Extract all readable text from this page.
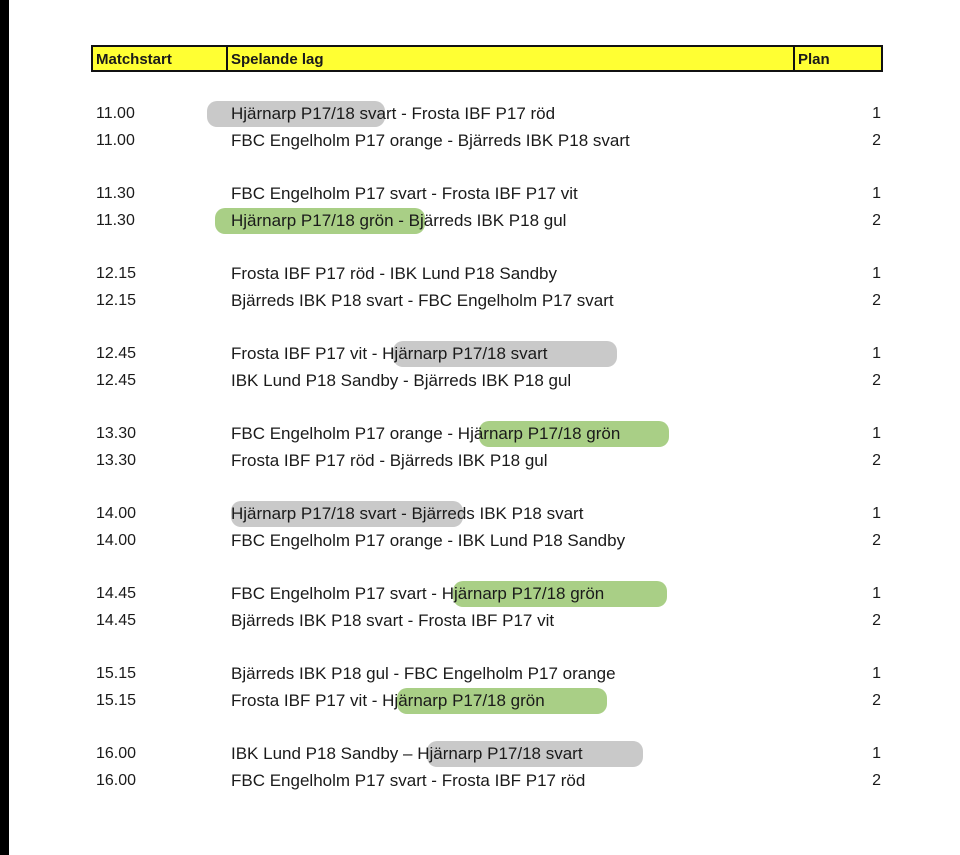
Matchstart	Spelande lag	Plan
11.00	Hjärnarp P17/18 svart - Frosta IBF P17 röd	1
11.00	FBC Engelholm P17 orange - Bjärreds IBK P18 svart	2
11.30	FBC Engelholm P17 svart - Frosta IBF P17 vit	1
11.30	Hjärnarp P17/18 grön - Bjärreds IBK P18 gul	2
12.15	Frosta IBF P17 röd - IBK Lund P18 Sandby	1
12.15	Bjärreds IBK P18 svart - FBC Engelholm P17 svart	2
12.45	Frosta IBF P17 vit - Hjärnarp P17/18 svart	1
12.45	IBK Lund P18 Sandby - Bjärreds IBK P18 gul	2
13.30	FBC Engelholm P17 orange - Hjärnarp P17/18 grön	1
13.30	Frosta IBF P17 röd - Bjärreds IBK P18 gul	2
14.00	Hjärnarp P17/18 svart - Bjärreds IBK P18 svart	1
14.00	FBC Engelholm P17 orange - IBK Lund P18 Sandby	2
14.45	FBC Engelholm P17 svart - Hjärnarp P17/18 grön	1
14.45	Bjärreds IBK P18 svart - Frosta IBF P17 vit	2
15.15	Bjärreds IBK P18 gul - FBC Engelholm P17 orange	1
15.15	Frosta IBF P17 vit - Hjärnarp P17/18 grön	2
16.00	IBK Lund P18 Sandby – Hjärnarp P17/18 svart	1
16.00	FBC Engelholm P17 svart - Frosta IBF P17 röd	2
